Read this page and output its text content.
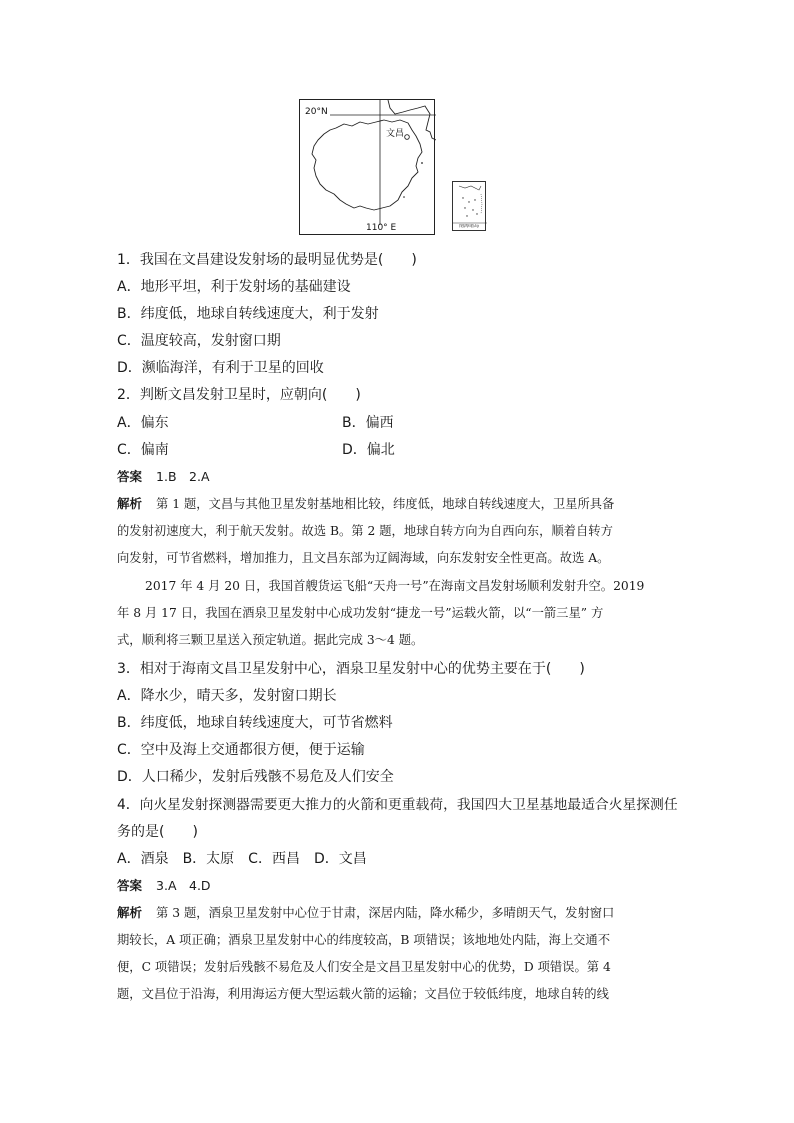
20°N
文昌
110° E	南海诸岛
1．我国在文昌建设发射场的最明显优势是(　　)
A．地形平坦，利于发射场的基础建设
B．纬度低，地球自转线速度大，利于发射
C．温度较高，发射窗口期
D．濒临海洋，有利于卫星的回收
2．判断文昌发射卫星时，应朝向(　　)
A．偏东	B．偏西
C．偏南	D．偏北
答案 1.B　2.A
解析 第 1 题，文昌与其他卫星发射基地相比较，纬度低，地球自转线速度大，卫星所具备
的发射初速度大，利于航天发射。故选 B。第 2 题，地球自转方向为自西向东，顺着自转方
向发射，可节省燃料，增加推力，且文昌东部为辽阔海域，向东发射安全性更高。故选 A。
2017 年 4 月 20 日，我国首艘货运飞船“天舟一号”在海南文昌发射场顺利发射升空。2019
年 8 月 17 日，我国在酒泉卫星发射中心成功发射“捷龙一号”运载火箭，以“一箭三星” 方
式，顺利将三颗卫星送入预定轨道。据此完成 3～4 题。
3．相对于海南文昌卫星发射中心，酒泉卫星发射中心的优势主要在于(　　)
A．降水少，晴天多，发射窗口期长
B．纬度低，地球自转线速度大，可节省燃料
C．空中及海上交通都很方便，便于运输
D．人口稀少，发射后残骸不易危及人们安全
4．向火星发射探测器需要更大推力的火箭和更重载荷，我国四大卫星基地最适合火星探测任
务的是(　　)
A．酒泉　B．太原　C．西昌　D．文昌
答案 3.A　4.D
解析 第 3 题，酒泉卫星发射中心位于甘肃，深居内陆，降水稀少，多晴朗天气，发射窗口
期较长，A 项正确；酒泉卫星发射中心的纬度较高，B 项错误；该地地处内陆，海上交通不
便，C 项错误；发射后残骸不易危及人们安全是文昌卫星发射中心的优势，D 项错误。第 4
题，文昌位于沿海，利用海运方便大型运载火箭的运输；文昌位于较低纬度，地球自转的线
